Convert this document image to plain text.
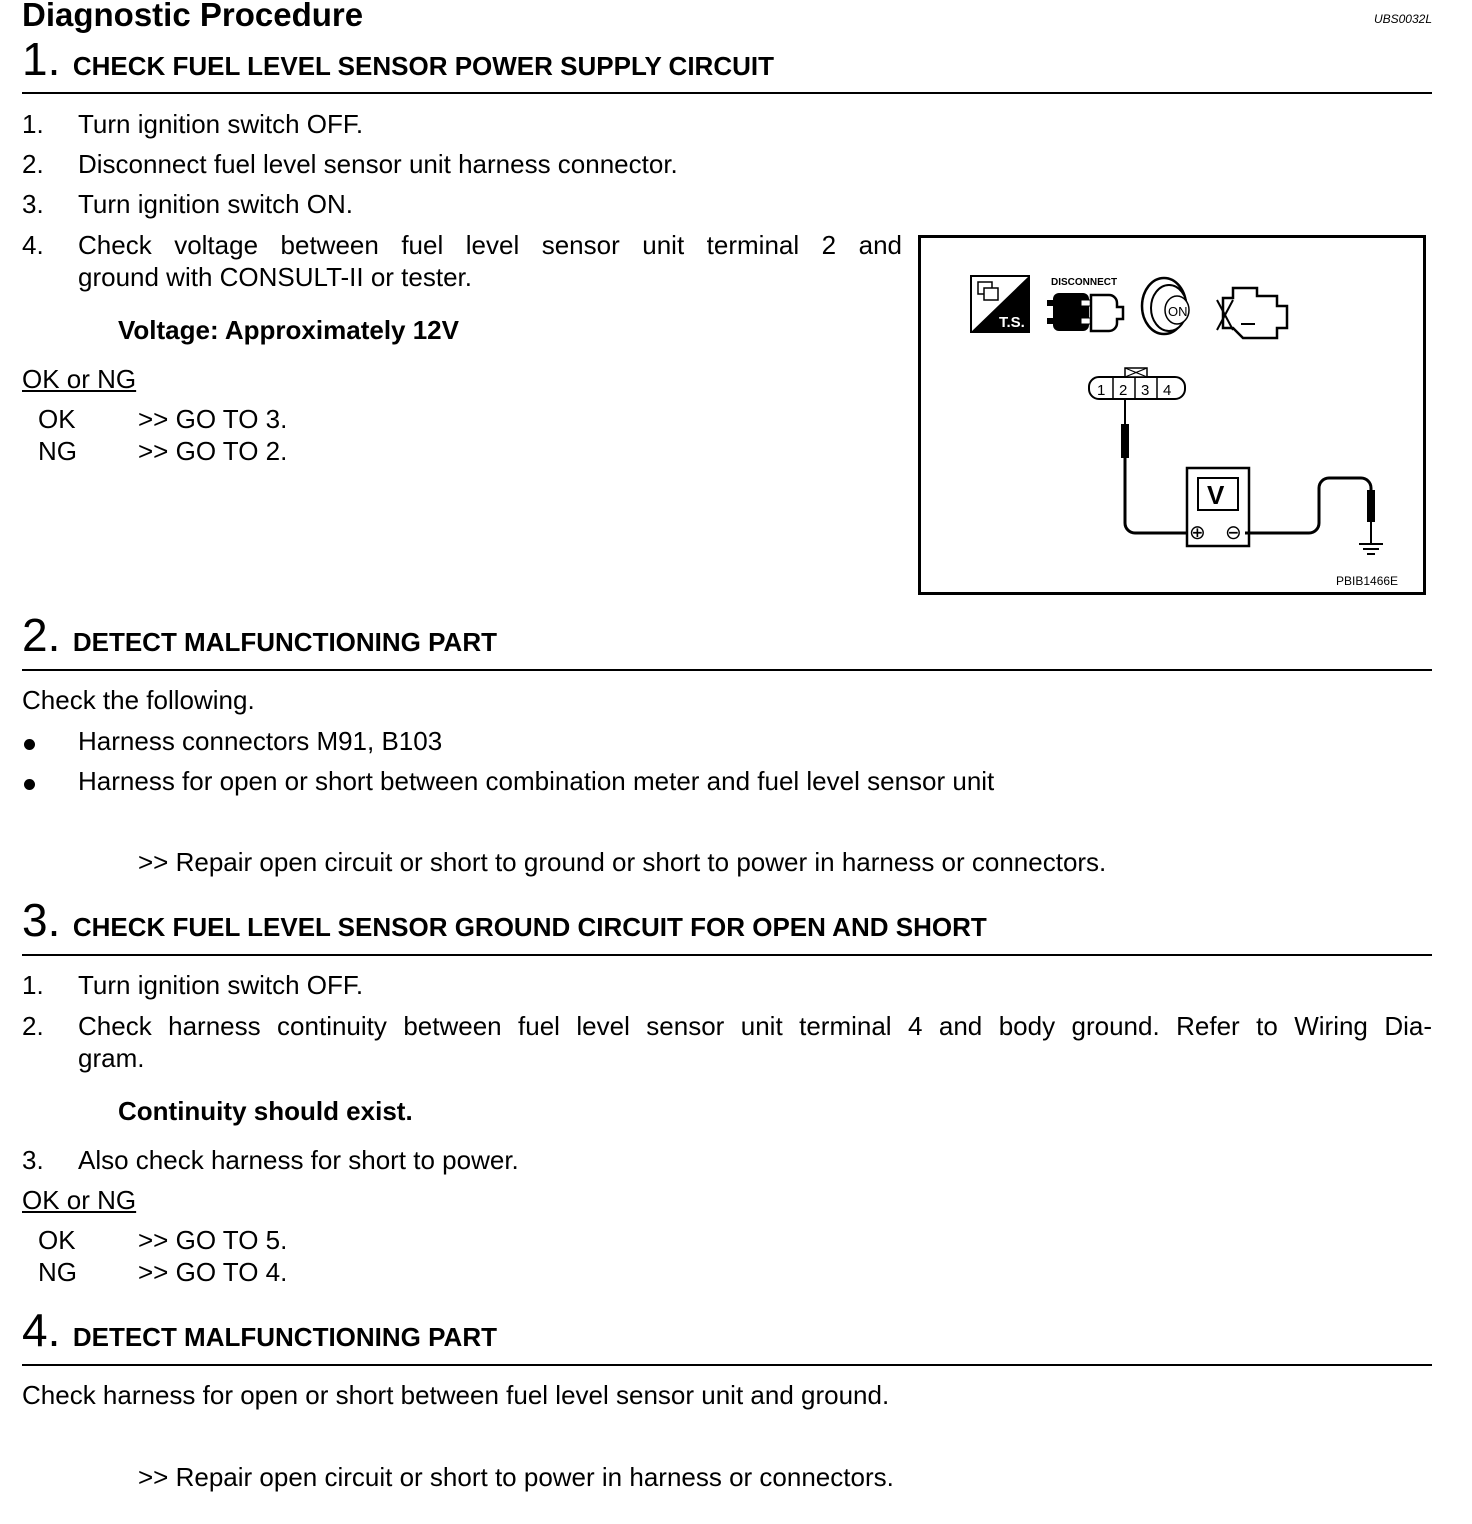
Diagnostic Procedure	UBS0032L
1. CHECK FUEL LEVEL SENSOR POWER SUPPLY CIRCUIT
1. Turn ignition switch OFF.
2. Disconnect fuel level sensor unit harness connector.
3. Turn ignition switch ON.
4. Check voltage between fuel level sensor unit terminal 2 and
ground with CONSULT-II or tester.
Voltage: Approximately 12V
OK or NG
OK >> GO TO 3.
NG >> GO TO 2.
T.S.
DISCONNECT
ON
1 2 3 4
V
⊕ ⊖
PBIB1466E
2. DETECT MALFUNCTIONING PART
Check the following.
Harness connectors M91, B103
Harness for open or short between combination meter and fuel level sensor unit
>> Repair open circuit or short to ground or short to power in harness or connectors.
3. CHECK FUEL LEVEL SENSOR GROUND CIRCUIT FOR OPEN AND SHORT
1. Turn ignition switch OFF.
2. Check harness continuity between fuel level sensor unit terminal 4 and body ground. Refer to Wiring Dia-
gram.
Continuity should exist.
3. Also check harness for short to power.
OK or NG
OK >> GO TO 5.
NG >> GO TO 4.
4. DETECT MALFUNCTIONING PART
Check harness for open or short between fuel level sensor unit and ground.
>> Repair open circuit or short to power in harness or connectors.
